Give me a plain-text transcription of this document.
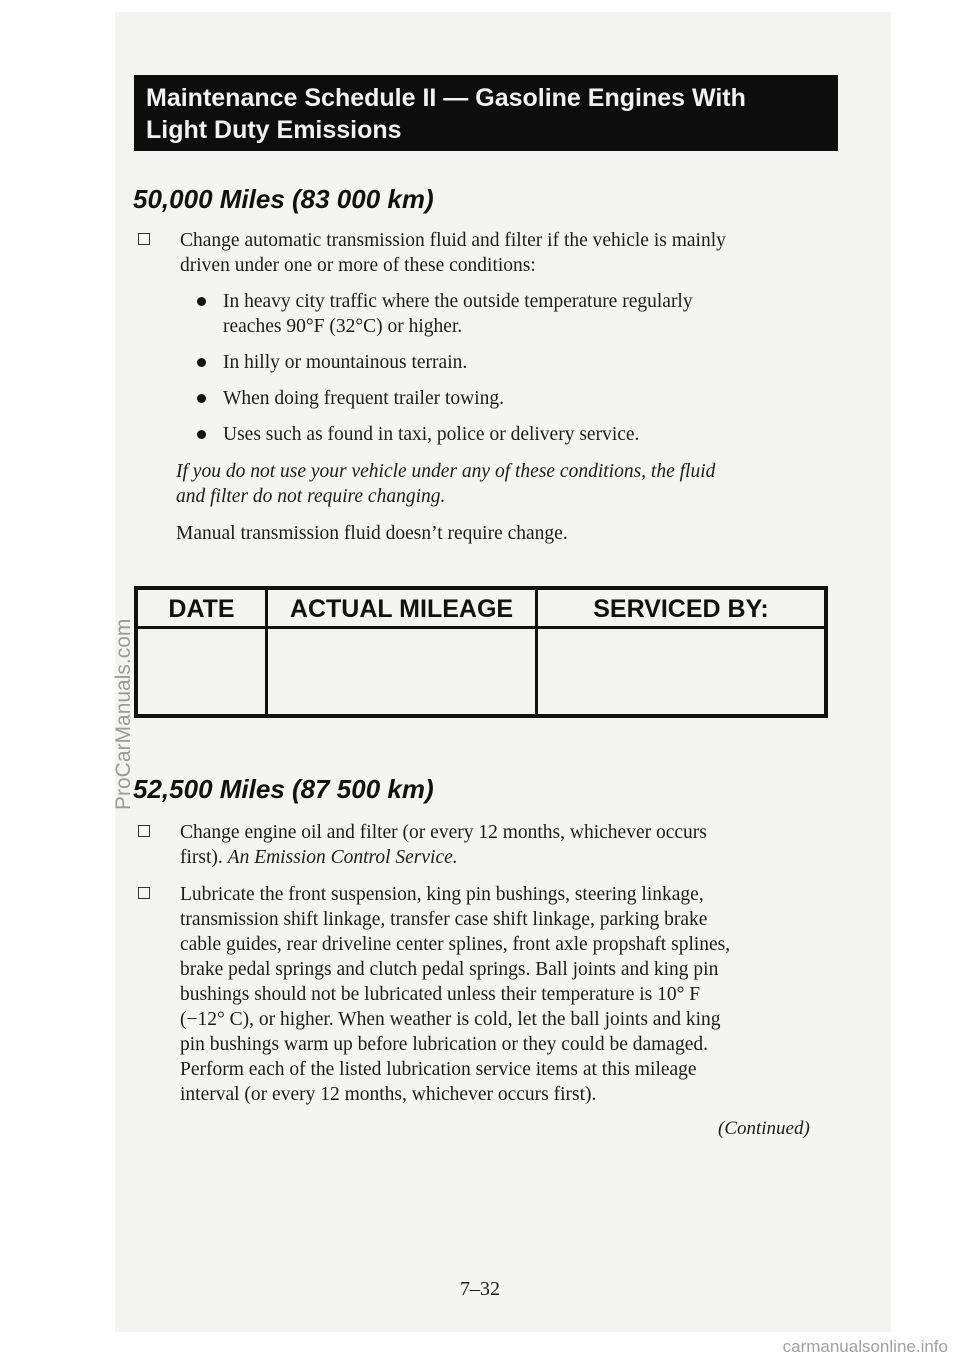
Maintenance Schedule II — Gasoline Engines With
Light Duty Emissions
50,000 Miles (83 000 km)
Change automatic transmission fluid and filter if the vehicle is mainly
driven under one or more of these conditions:
In heavy city traffic where the outside temperature regularly
reaches 90°F (32°C) or higher.
In hilly or mountainous terrain.
When doing frequent trailer towing.
Uses such as found in taxi, police or delivery service.
If you do not use your vehicle under any of these conditions, the fluid
and filter do not require changing.
Manual transmission fluid doesn’t require change.
DATE	ACTUAL MILEAGE	SERVICED BY:
52,500 Miles (87 500 km)
Change engine oil and filter (or every 12 months, whichever occurs
first). An Emission Control Service.
Lubricate the front suspension, king pin bushings, steering linkage,
transmission shift linkage, transfer case shift linkage, parking brake
cable guides, rear driveline center splines, front axle propshaft splines,
brake pedal springs and clutch pedal springs. Ball joints and king pin
bushings should not be lubricated unless their temperature is 10° F
(−12° C), or higher. When weather is cold, let the ball joints and king
pin bushings warm up before lubrication or they could be damaged.
Perform each of the listed lubrication service items at this mileage
interval (or every 12 months, whichever occurs first).
(Continued)
7–32
ProCarManuals.com
carmanualsonline.info
